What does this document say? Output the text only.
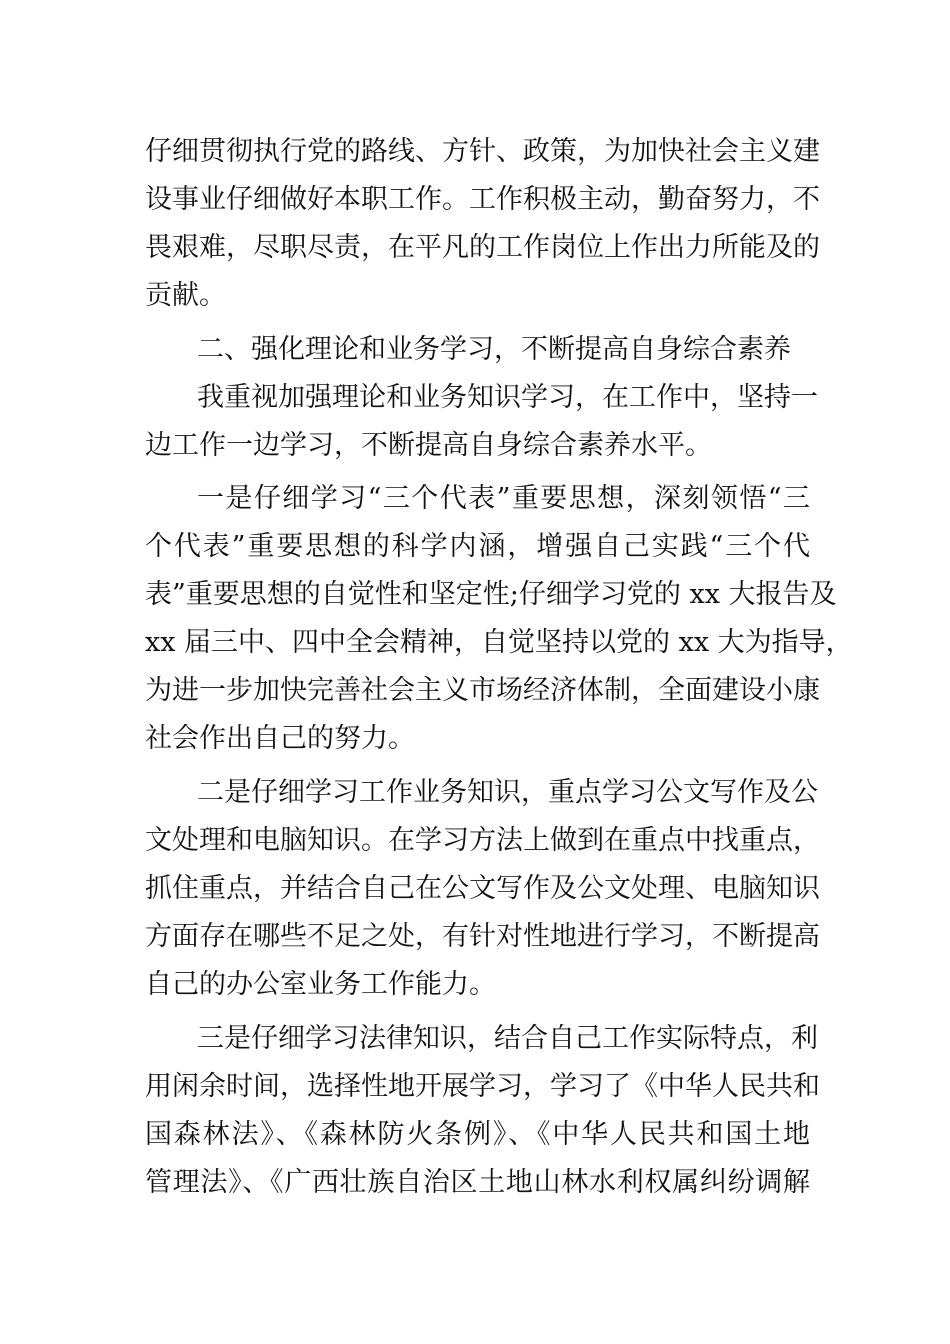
仔细贯彻执行党的路线、方针、政策，为加快社会主义建
设事业仔细做好本职工作。工作积极主动，勤奋努力，不
畏艰难，尽职尽责，在平凡的工作岗位上作出力所能及的
贡献。
二、强化理论和业务学习，不断提高自身综合素养
我重视加强理论和业务知识学习，在工作中，坚持一
边工作一边学习，不断提高自身综合素养水平。
一是仔细学习“三个代表”重要思想，深刻领悟“三
个代表”重要思想的科学内涵，增强自己实践“三个代
表”重要思想的自觉性和坚定性;仔细学习党的 xx 大报告及
xx 届三中、四中全会精神，自觉坚持以党的 xx 大为指导，
为进一步加快完善社会主义市场经济体制，全面建设小康
社会作出自己的努力。
二是仔细学习工作业务知识，重点学习公文写作及公
文处理和电脑知识。在学习方法上做到在重点中找重点，
抓住重点，并结合自己在公文写作及公文处理、电脑知识
方面存在哪些不足之处，有针对性地进行学习，不断提高
自己的办公室业务工作能力。
三是仔细学习法律知识，结合自己工作实际特点，利
用闲余时间，选择性地开展学习，学习了《中华人民共和
国森林法》、《森林防火条例》、《中华人民共和国土地
管理法》、《广西壮族自治区土地山林水利权属纠纷调解
